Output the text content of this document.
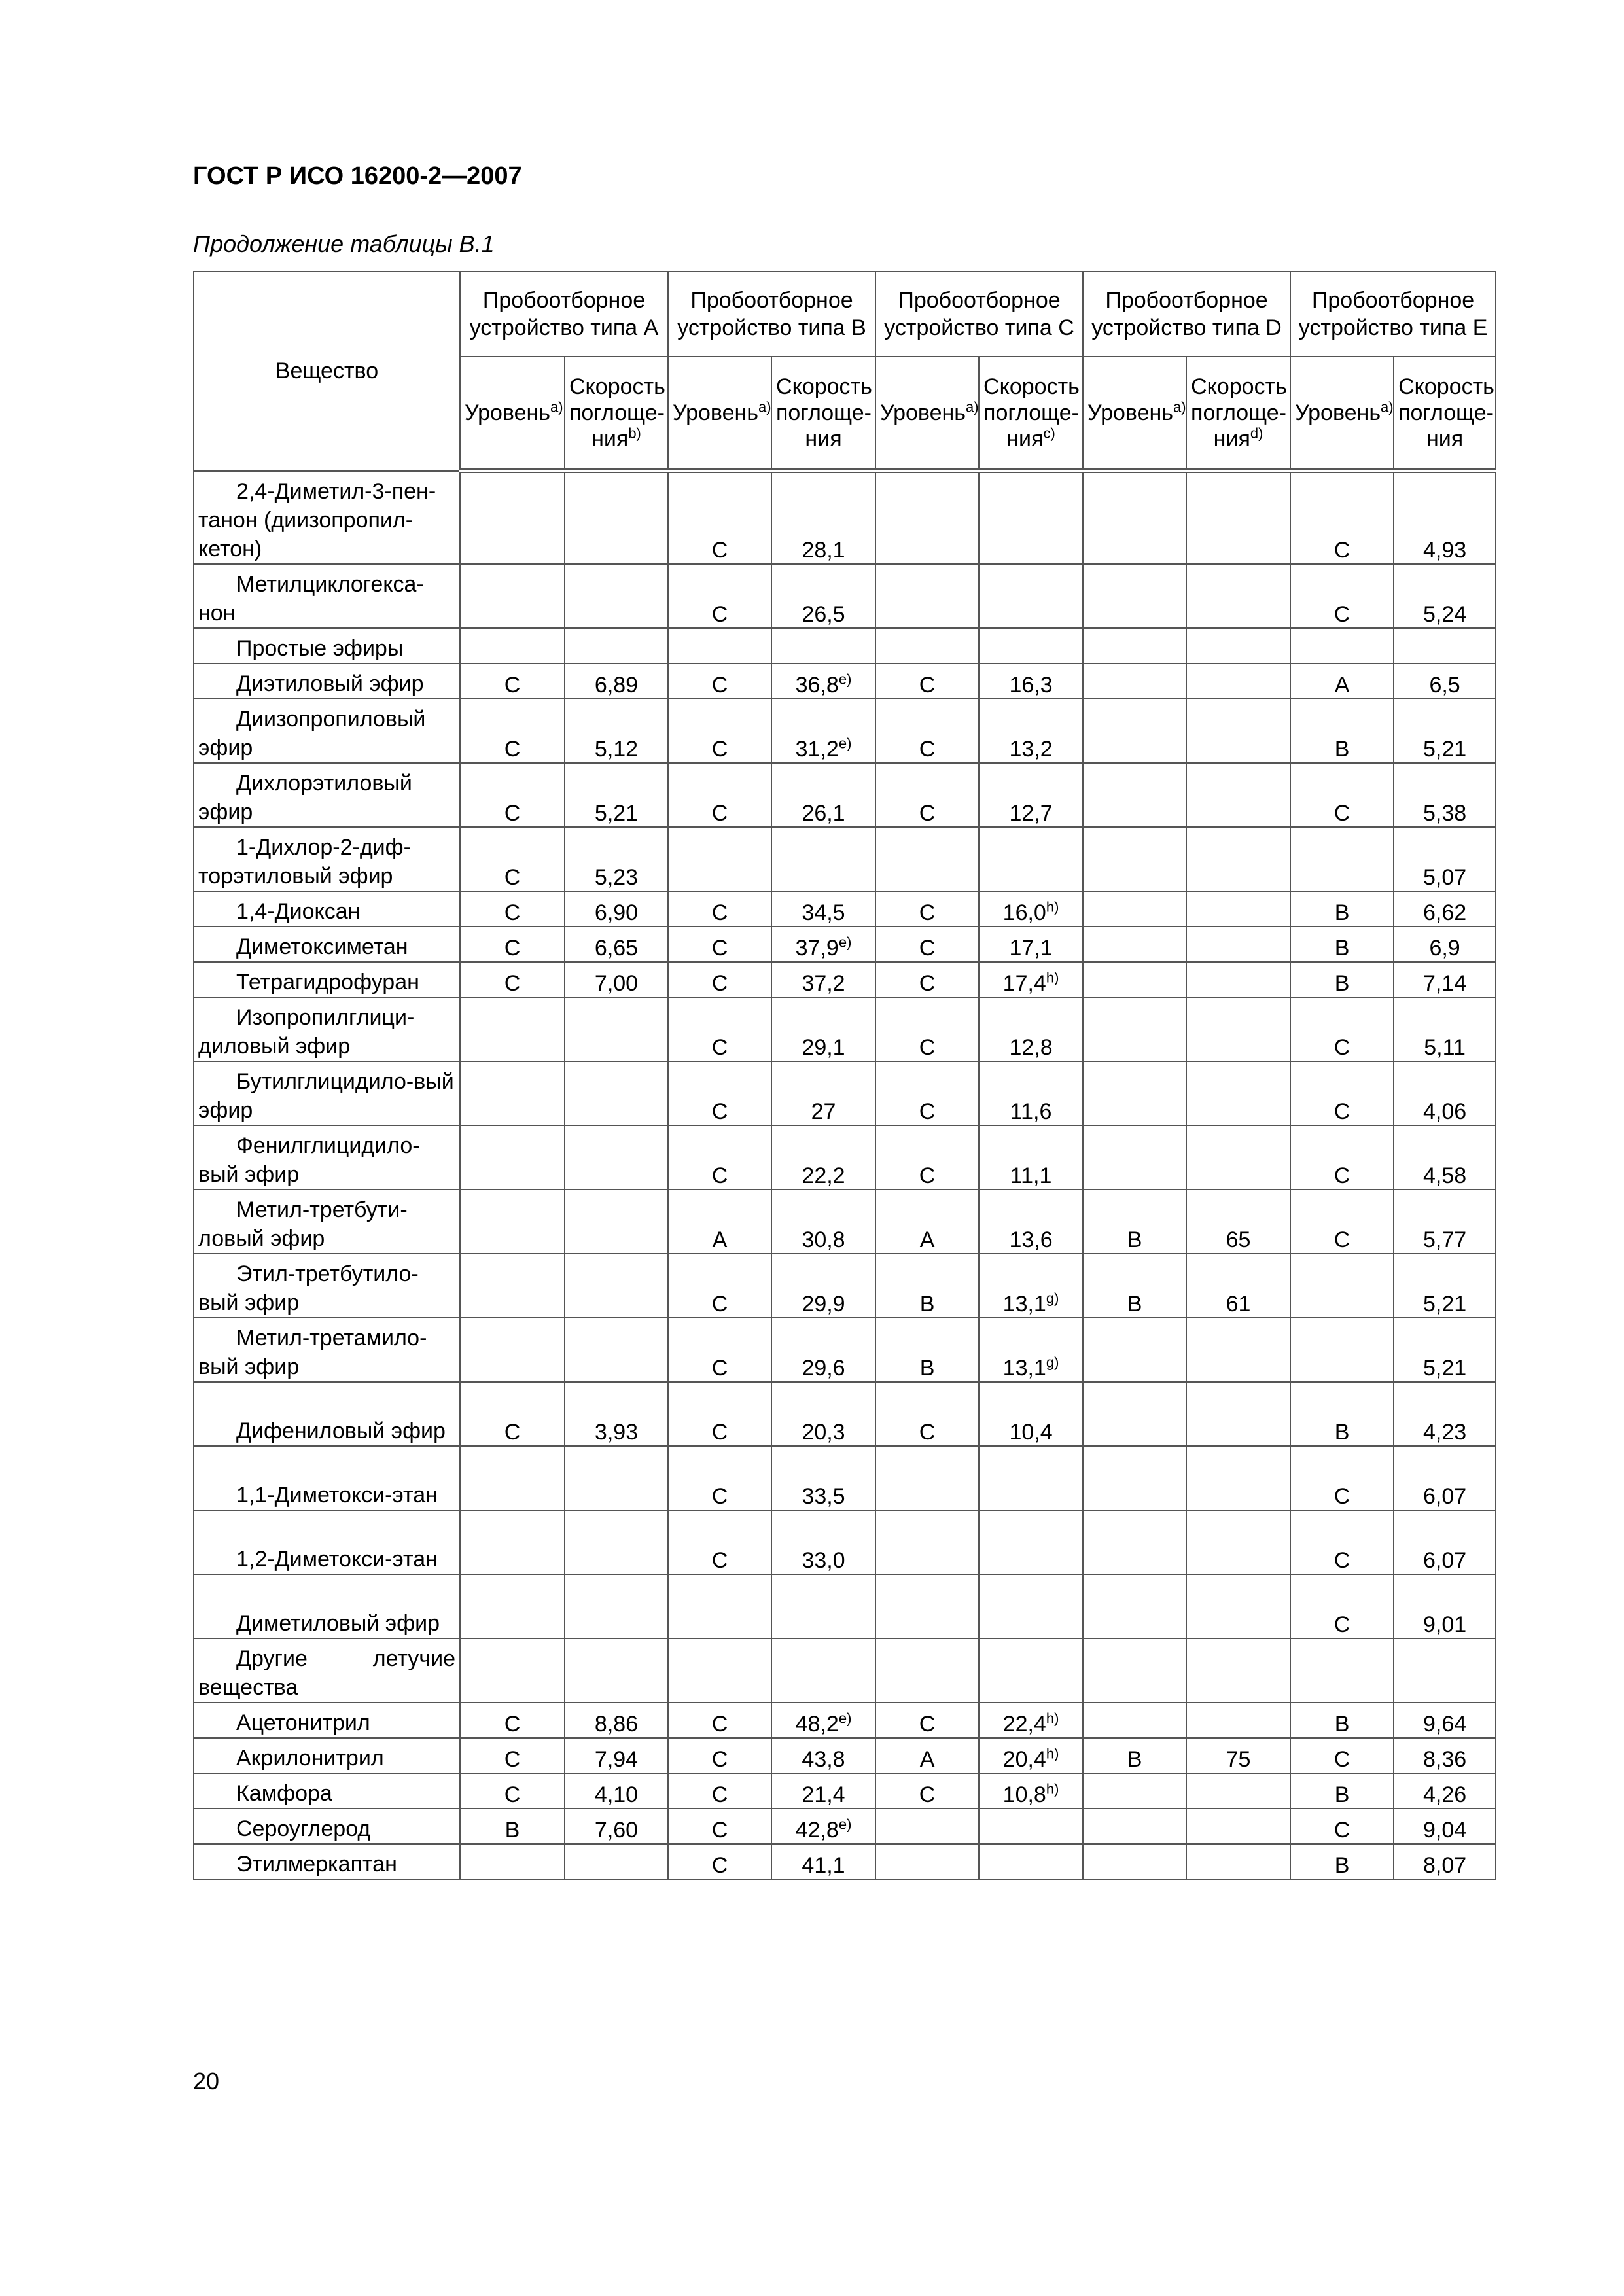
ГОСТ Р ИСО 16200-2—2007

Продолжение таблицы В.1

Вещество	Пробоотборное устройство типа A		Пробоотборное устройство типа B		Пробоотборное устройство типа C		Пробоотборное устройство типа D		Пробоотборное устройство типа E	
	Уровень$^{a)}$	Скорость поглоще-ния$^{b)}$	Уровень$^{a)}$	Скорость поглоще-ния	Уровень$^{a)}$	Скорость поглоще-ния$^{c)}$	Уровень$^{a)}$	Скорость поглоще-ния$^{d)}$	Уровень$^{a)}$	Скорость поглоще-ния
2,4-Диметил-3-пен-танон (диизопропил-кетон)			C	28,1					C	4,93
Метилциклогекса-нон			C	26,5					C	5,24
Простые эфиры										
Диэтиловый эфир	C	6,89	C	36,8$^{e)}$	C	16,3			A	6,5
Диизопропиловый эфир	C	5,12	C	31,2$^{e)}$	C	13,2			B	5,21
Дихлорэтиловый эфир	C	5,21	C	26,1	C	12,7			C	5,38
1-Дихлор-2-диф-торэтиловый эфир	C	5,23								5,07
1,4-Диоксан	C	6,90	C	34,5	C	16,0$^{h)}$			B	6,62
Диметоксиметан	C	6,65	C	37,9$^{e)}$	C	17,1			B	6,9
Тетрагидрофуран	C	7,00	C	37,2	C	17,4$^{h)}$			B	7,14
Изопропилглици-диловый эфир			C	29,1	C	12,8			C	5,11
Бутилглицидило-вый эфир			C	27	C	11,6			C	4,06
Фенилглицидило-вый эфир			C	22,2	C	11,1			C	4,58
Метил-третбути-ловый эфир			A	30,8	A	13,6	B	65	C	5,77
Этил-третбутило-вый эфир			C	29,9	B	13,1$^{g)}$	B	61		5,21
Метил-третамило-вый эфир			C	29,6	B	13,1$^{g)}$				5,21
Дифениловый эфир	C	3,93	C	20,3	C	10,4			B	4,23
1,1-Диметокси-этан			C	33,5					C	6,07
1,2-Диметокси-этан			C	33,0					C	6,07
Диметиловый эфир									C	9,01
Другие летучие вещества										
Ацетонитрил	C	8,86	C	48,2$^{e)}$	C	22,4$^{h)}$			B	9,64
Акрилонитрил	C	7,94	C	43,8	A	20,4$^{h)}$	B	75	C	8,36
Камфора	C	4,10	C	21,4	C	10,8$^{h)}$			B	4,26
Сероуглерод	B	7,60	C	42,8$^{e)}$					C	9,04
Этилмеркаптан			C	41,1					B	8,07

20
